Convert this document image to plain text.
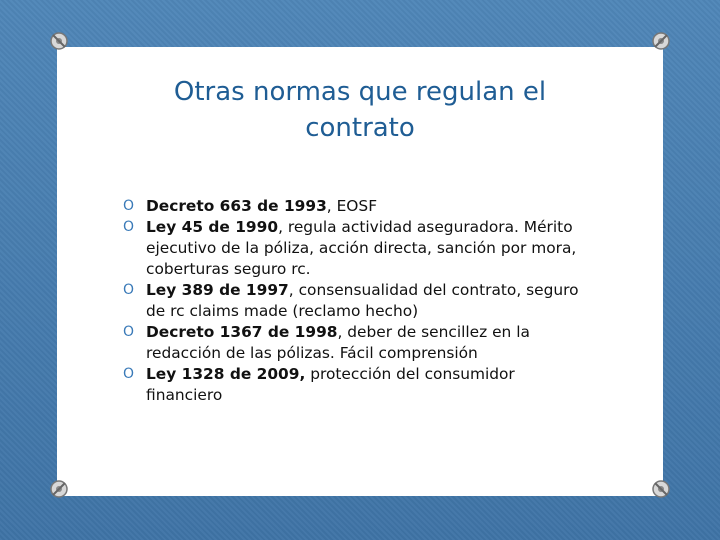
Otras normas que regulan el
contrato
O Decreto 663 de 1993, EOSF
O Ley 45 de 1990, regula actividad aseguradora. Mérito ejecutivo de la póliza, acción directa, sanción por mora, coberturas seguro rc.
O Ley 389 de 1997, consensualidad del contrato, seguro de rc claims made (reclamo hecho)
O Decreto 1367 de 1998, deber de sencillez en la redacción de las pólizas. Fácil comprensión
O Ley 1328 de 2009, protección del consumidor financiero
